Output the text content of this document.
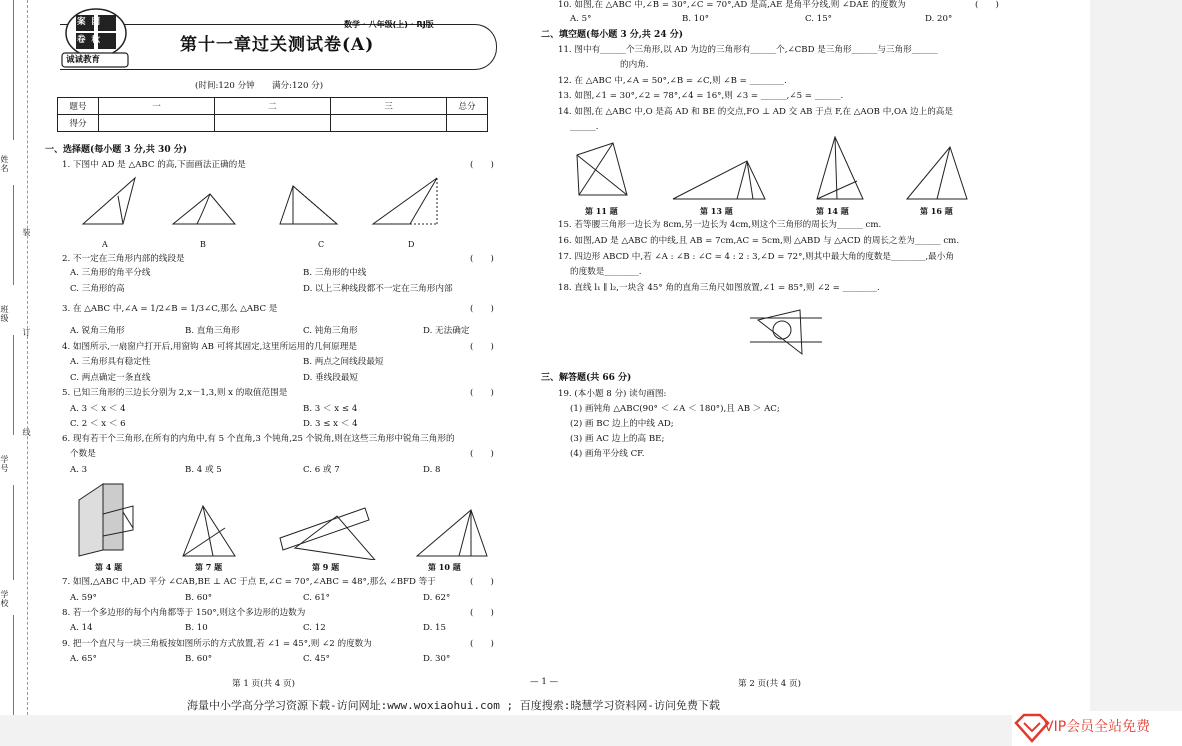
姓名
装
班级
订
线
学号
学校
案团
卷秋
诚诚教育
数学 · 八年级(上) · RJ版
第十一章过关测试卷(A)
(时间:120 分钟　　满分:120 分)
题号	一	二	三	总分
得分				
一、选择题(每小题 3 分,共 30 分)
1. 下图中 AD 是 △ABC 的高,下面画法正确的是	(　　)
A	B	C	D
2. 不一定在三角形内部的线段是	(　　)
A. 三角形的角平分线	B. 三角形的中线
C. 三角形的高	D. 以上三种线段都不一定在三角形内部
3. 在 △ABC 中,∠A = 1/2∠B = 1/3∠C,那么 △ABC 是	(　　)
A. 锐角三角形	B. 直角三角形	C. 钝角三角形	D. 无法确定
4. 如图所示,一扇窗户打开后,用窗钩 AB 可将其固定,这里所运用的几何原理是	(　　)
A. 三角形具有稳定性	B. 两点之间线段最短
C. 两点确定一条直线	D. 垂线段最短
5. 已知三角形的三边长分别为 2,x－1,3,则 x 的取值范围是	(　　)
A. 3 ＜ x ＜ 4	B. 3 ＜ x ≤ 4
C. 2 ＜ x ＜ 6	D. 3 ≤ x ＜ 4
6. 现有若干个三角形,在所有的内角中,有 5 个直角,3 个钝角,25 个锐角,则在这些三角形中锐角三角形的
个数是	(　　)
A. 3	B. 4 或 5	C. 6 或 7	D. 8
第 4 题	第 7 题	第 9 题	第 10 题
7. 如图,△ABC 中,AD 平分 ∠CAB,BE ⊥ AC 于点 E,∠C = 70°,∠ABC = 48°,那么 ∠BFD 等于	(　　)
A. 59°	B. 60°	C. 61°	D. 62°
8. 若一个多边形的每个内角都等于 150°,则这个多边形的边数为	(　　)
A. 14	B. 10	C. 12	D. 15
9. 把一个直尺与一块三角板按如图所示的方式放置,若 ∠1 = 45°,则 ∠2 的度数为	(　　)
A. 65°	B. 60°	C. 45°	D. 30°
10. 如图,在 △ABC 中,∠B = 30°,∠C = 70°,AD 是高,AE 是角平分线,则 ∠DAE 的度数为	(　　)
A. 5°	B. 10°	C. 15°	D. 20°
二、填空题(每小题 3 分,共 24 分)
11. 图中有______个三角形,以 AD 为边的三角形有______个,∠CBD 是三角形______与三角形______
的内角.
12. 在 △ABC 中,∠A = 50°,∠B = ∠C,则 ∠B = ________.
13. 如图,∠1 = 30°,∠2 = 78°,∠4 = 16°,则 ∠3 = ______,∠5 = ______.
14. 如图,在 △ABC 中,O 是高 AD 和 BE 的交点,FO ⊥ AD 交 AB 于点 F,在 △AOB 中,OA 边上的高是
______.
第 11 题	第 13 题	第 14 题	第 16 题
15. 若等腰三角形一边长为 8cm,另一边长为 4cm,则这个三角形的周长为______ cm.
16. 如图,AD 是 △ABC 的中线,且 AB = 7cm,AC = 5cm,则 △ABD 与 △ACD 的周长之差为______ cm.
17. 四边形 ABCD 中,若 ∠A : ∠B : ∠C = 4 : 2 : 3,∠D = 72°,则其中最大角的度数是________,最小角
的度数是________.
18. 直线 l₁ ∥ l₂,一块含 45° 角的直角三角尺如图放置,∠1 = 85°,则 ∠2 = ________.
三、解答题(共 66 分)
19. (本小题 8 分) 读句画图:
(1) 画钝角 △ABC(90° ＜ ∠A ＜ 180°),且 AB ＞ AC;
(2) 画 BC 边上的中线 AD;
(3) 画 AC 边上的高 BE;
(4) 画角平分线 CF.
第 1 页(共 4 页)	— 1 —	第 2 页(共 4 页)
海量中小学高分学习资源下载-访问网址:www.woxiaohui.com ; 百度搜索:晓慧学习资料网-访问免费下载
VIP会员全站免费
